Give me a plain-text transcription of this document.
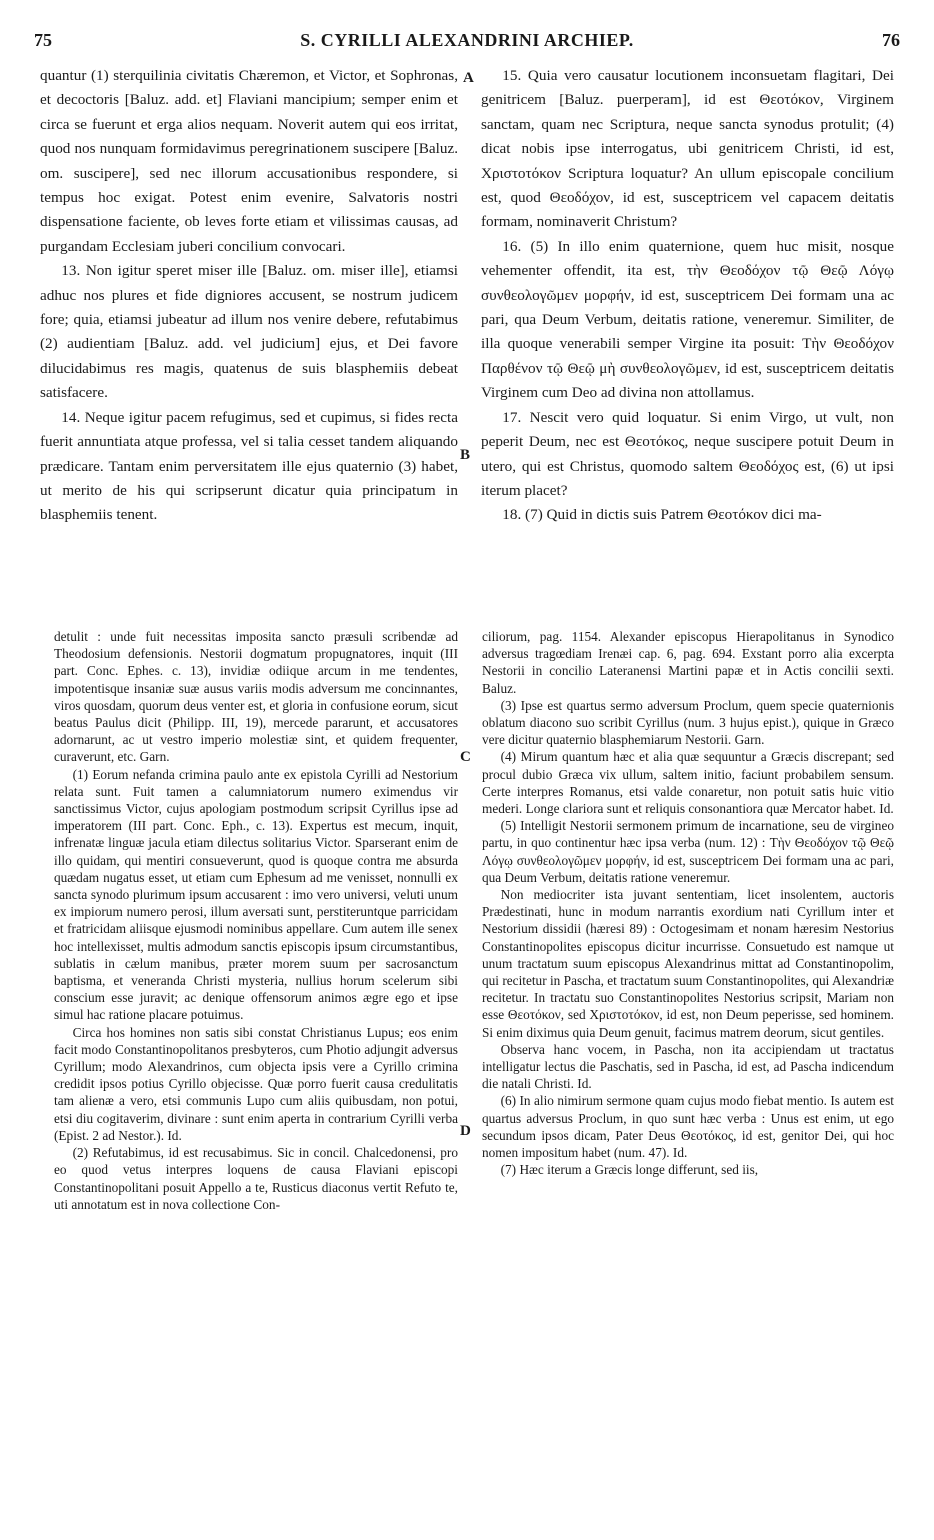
75	S. CYRILLI ALEXANDRINI ARCHIEP.	76

quantur (1) sterquilinia civitatis Chæremon, et Victor, et Sophronas, et decoctoris [Baluz. add. et] Flaviani mancipium; semper enim et circa se fuerunt et erga alios nequam. Noverit autem qui eos irritat, quod nos nunquam formidavimus peregrinationem suscipere [Baluz. om. suscipere], sed nec illorum accusationibus respondere, si tempus hoc exigat. Potest enim evenire, Salvatoris nostri dispensatione faciente, ob leves forte etiam et vilissimas causas, ad purgandam Ecclesiam juberi concilium convocari.

13. Non igitur speret miser ille [Baluz. om. miser ille], etiamsi adhuc nos plures et fide digniores accusent, se nostrum judicem fore; quia, etiamsi jubeatur ad illum nos venire debere, refutabimus (2) audientiam [Baluz. add. vel judicium] ejus, et Dei favore dilucidabimus res magis, quatenus de suis blasphemiis debeat satisfacere.

14. Neque igitur pacem refugimus, sed et cupimus, si fides recta fuerit annuntiata atque professa, vel si talia cesset tandem aliquando prædicare. Tantam enim perversitatem ille ejus quaternio (3) habet, ut merito de his qui scripserunt dicatur quia principatum in blasphemiis tenent.

15. Quia vero causatur locutionem inconsuetam flagitari, Dei genitricem [Baluz. puerperam], id est Θεοτόκον, Virginem sanctam, quam nec Scriptura, neque sancta synodus protulit; (4) dicat nobis ipse interrogatus, ubi genitricem Christi, id est, Χριστοτόκον Scriptura loquatur? An ullum episcopale concilium est, quod Θεοδόχον, id est, susceptricem vel capacem deitatis formam, nominaverit Christum?

16. (5) In illo enim quaternione, quem huc misit, nosque vehementer offendit, ita est, τὴν Θεοδόχον τῷ Θεῷ Λόγῳ συνθεολογῶμεν μορφήν, id est, susceptricem Dei formam una ac pari, qua Deum Verbum, deitatis ratione, veneremur. Similiter, de illa quoque venerabili semper Virgine ita posuit: Τὴν Θεοδόχον Παρθένον τῷ Θεῷ μὴ συνθεολογῶμεν, id est, susceptricem deitatis Virginem cum Deo ad divina non attollamus.

17. Nescit vero quid loquatur. Si enim Virgo, ut vult, non peperit Deum, nec est Θεοτόκος, neque suscipere potuit Deum in utero, qui est Christus, quomodo saltem Θεοδόχος est, (6) ut ipsi iterum placet?

18. (7) Quid in dictis suis Patrem Θεοτόκον dici ma-

detulit : unde fuit necessitas imposita sancto præsuli scribendæ ad Theodosium defensionis. Nestorii dogmatum propugnatores, inquit (III part. Conc. Ephes. c. 13), invidiæ odiique arcum in me tendentes, impotentisque insaniæ suæ ausus variis modis adversum me concinnantes, viros quosdam, quorum deus venter est, et gloria in confusione eorum, sicut beatus Paulus dicit (Philipp. III, 19), mercede pararunt, et accusatores adornarunt, ac ut vestro imperio molestiæ sint, et quidem frequenter, curaverunt, etc. Garn.

(1) Eorum nefanda crimina paulo ante ex epistola Cyrilli ad Nestorium relata sunt. Fuit tamen a calumniatorum numero eximendus vir sanctissimus Victor, cujus apologiam postmodum scripsit Cyrillus ipse ad imperatorem (III part. Conc. Eph., c. 13). Expertus est mecum, inquit, infrenatæ linguæ jacula etiam dilectus solitarius Victor. Sparserant enim de illo quidam, qui mentiri consueverunt, quod is quoque contra me absurda quædam nugatus esset, ut etiam cum Ephesum ad me venisset, nonnulli ex sancta synodo plurimum ipsum accusarent : imo vero universi, veluti unum ex impiorum numero perosi, illum aversati sunt, perstiteruntque parricidam et fratricidam aliisque ejusmodi nominibus appellare. Cum autem ille senex hoc intellexisset, multis admodum sanctis episcopis ipsum circumstantibus, sublatis in cælum manibus, præter morem suum per sacrosanctum baptisma, et veneranda Christi mysteria, nullius horum scelerum sibi conscium esse juravit; ac denique offensorum animos ægre ego et ipse simul hac ratione placare potuimus.

Circa hos homines non satis sibi constat Christianus Lupus; eos enim facit modo Constantinopolitanos presbyteros, cum Photio adjungit adversus Cyrillum; modo Alexandrinos, cum objecta ipsis vere a Cyrillo crimina credidit ipsos potius Cyrillo objecisse. Quæ porro fuerit causa credulitatis tam alienæ a vero, etsi communis Lupo cum aliis quibusdam, non potui, etsi diu cogitaverim, divinare : sunt enim aperta in contrarium Cyrilli verba (Epist. 2 ad Nestor.). Id.

(2) Refutabimus, id est recusabimus. Sic in concil. Chalcedonensi, pro eo quod vetus interpres loquens de causa Flaviani episcopi Constantinopolitani posuit Appello a te, Rusticus diaconus vertit Refuto te, uti annotatum est in nova collectione Con-

ciliorum, pag. 1154. Alexander episcopus Hierapolitanus in Synodico adversus tragœdiam Irenæi cap. 6, pag. 694. Exstant porro alia excerpta Nestorii in concilio Lateranensi Martini papæ et in Actis concilii sexti. Baluz.

(3) Ipse est quartus sermo adversum Proclum, quem specie quaternionis oblatum diacono suo scribit Cyrillus (num. 3 hujus epist.), quique in Græco vere dicitur quaternio blasphemiarum Nestorii. Garn.

(4) Mirum quantum hæc et alia quæ sequuntur a Græcis discrepant; sed procul dubio Græca vix ullum, saltem initio, faciunt probabilem sensum. Certe interpres Romanus, etsi valde conaretur, non potuit satis huic vitio mederi. Longe clariora sunt et reliquis consonantiora quæ Mercator habet. Id.

(5) Intelligit Nestorii sermonem primum de incarnatione, seu de virgineo partu, in quo continentur hæc ipsa verba (num. 12) : Τὴν Θεοδόχον τῷ Θεῷ Λόγῳ συνθεολογῶμεν μορφήν, id est, susceptricem Dei formam una ac pari, qua Deum Verbum, deitatis ratione veneremur.

Non mediocriter ista juvant sententiam, licet insolentem, auctoris Prædestinati, hunc in modum narrantis exordium nati Cyrillum inter et Nestorium dissidii (hæresi 89) : Octogesimam et nonam hæresim Nestorius Constantinopolites episcopus dicitur incurrisse. Consuetudo est namque ut unum tractatum suum episcopus Alexandrinus mittat ad Constantinopolim, qui recitetur in Pascha, et tractatum suum Constantinopolites, qui Alexandriæ recitetur. In tractatu suo Constantinopolites Nestorius scripsit, Mariam non esse Θεοτόκον, sed Χριστοτόκον, id est, non Deum peperisse, sed hominem. Si enim diximus quia Deum genuit, facimus matrem deorum, sicut gentiles.

Observa hanc vocem, in Pascha, non ita accipiendam ut tractatus intelligatur lectus die Paschatis, sed in Pascha, id est, ad Pascha indicendum die natali Christi. Id.

(6) In alio nimirum sermone quam cujus modo fiebat mentio. Is autem est quartus adversus Proclum, in quo sunt hæc verba : Unus est enim, ut ego secundum ipsos dicam, Pater Deus Θεοτόκος, id est, genitor Dei, qui hoc nomen impositum habet (num. 47). Id.

(7) Hæc iterum a Græcis longe differunt, sed iis,

A
B
C
D
